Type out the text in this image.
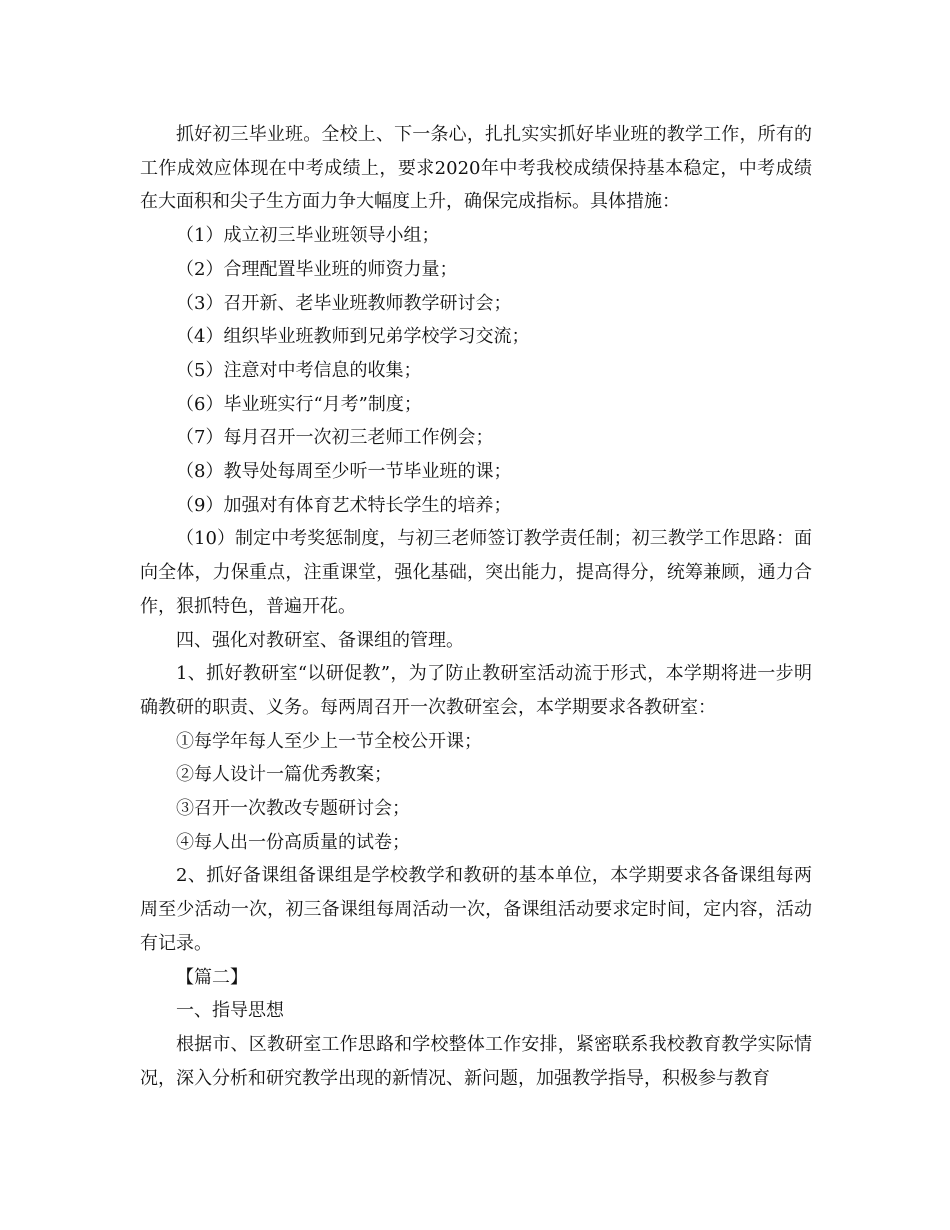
抓好初三毕业班。全校上、下一条心，扎扎实实抓好毕业班的教学工作，所有的工作成效应体现在中考成绩上，要求2020年中考我校成绩保持基本稳定，中考成绩在大面积和尖子生方面力争大幅度上升，确保完成指标。具体措施：

（1）成立初三毕业班领导小组；

（2）合理配置毕业班的师资力量；

（3）召开新、老毕业班教师教学研讨会；

（4）组织毕业班教师到兄弟学校学习交流；

（5）注意对中考信息的收集；

（6）毕业班实行“月考”制度；

（7）每月召开一次初三老师工作例会；

（8）教导处每周至少听一节毕业班的课；

（9）加强对有体育艺术特长学生的培养；

（10）制定中考奖惩制度，与初三老师签订教学责任制；初三教学工作思路：面向全体，力保重点，注重课堂，强化基础，突出能力，提高得分，统筹兼顾，通力合作，狠抓特色，普遍开花。

四、强化对教研室、备课组的管理。

1、抓好教研室“以研促教”，为了防止教研室活动流于形式，本学期将进一步明确教研的职责、义务。每两周召开一次教研室会，本学期要求各教研室：

①每学年每人至少上一节全校公开课；

②每人设计一篇优秀教案；

③召开一次教改专题研讨会；

④每人出一份高质量的试卷；

2、抓好备课组备课组是学校教学和教研的基本单位，本学期要求各备课组每两周至少活动一次，初三备课组每周活动一次，备课组活动要求定时间，定内容，活动有记录。

【篇二】

一、指导思想

根据市、区教研室工作思路和学校整体工作安排，紧密联系我校教育教学实际情况，深入分析和研究教学出现的新情况、新问题，加强教学指导，积极参与教育
